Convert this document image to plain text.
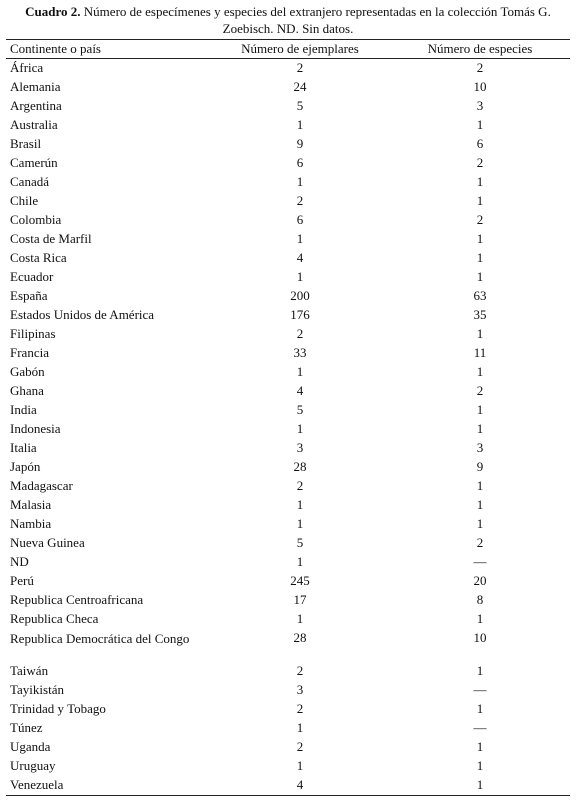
Cuadro 2. Número de especímenes y especies del extranjero representadas en la colección Tomás G. Zoebisch. ND. Sin datos.
Continente o país	Número de ejemplares	Número de especies
África	2	2
Alemania	24	10
Argentina	5	3
Australia	1	1
Brasil	9	6
Camerún	6	2
Canadá	1	1
Chile	2	1
Colombia	6	2
Costa de Marfil	1	1
Costa Rica	4	1
Ecuador	1	1
España	200	63
Estados Unidos de América	176	35
Filipinas	2	1
Francia	33	11
Gabón	1	1
Ghana	4	2
India	5	1
Indonesia	1	1
Italia	3	3
Japón	28	9
Madagascar	2	1
Malasia	1	1
Nambia	1	1
Nueva Guinea	5	2
ND	1	—
Perú	245	20
Republica Centroafricana	17	8
Republica Checa	1	1
Republica Democrática del Congo	28	10
Taiwán	2	1
Tayikistán	3	—
Trinidad y Tobago	2	1
Túnez	1	—
Uganda	2	1
Uruguay	1	1
Venezuela	4	1
